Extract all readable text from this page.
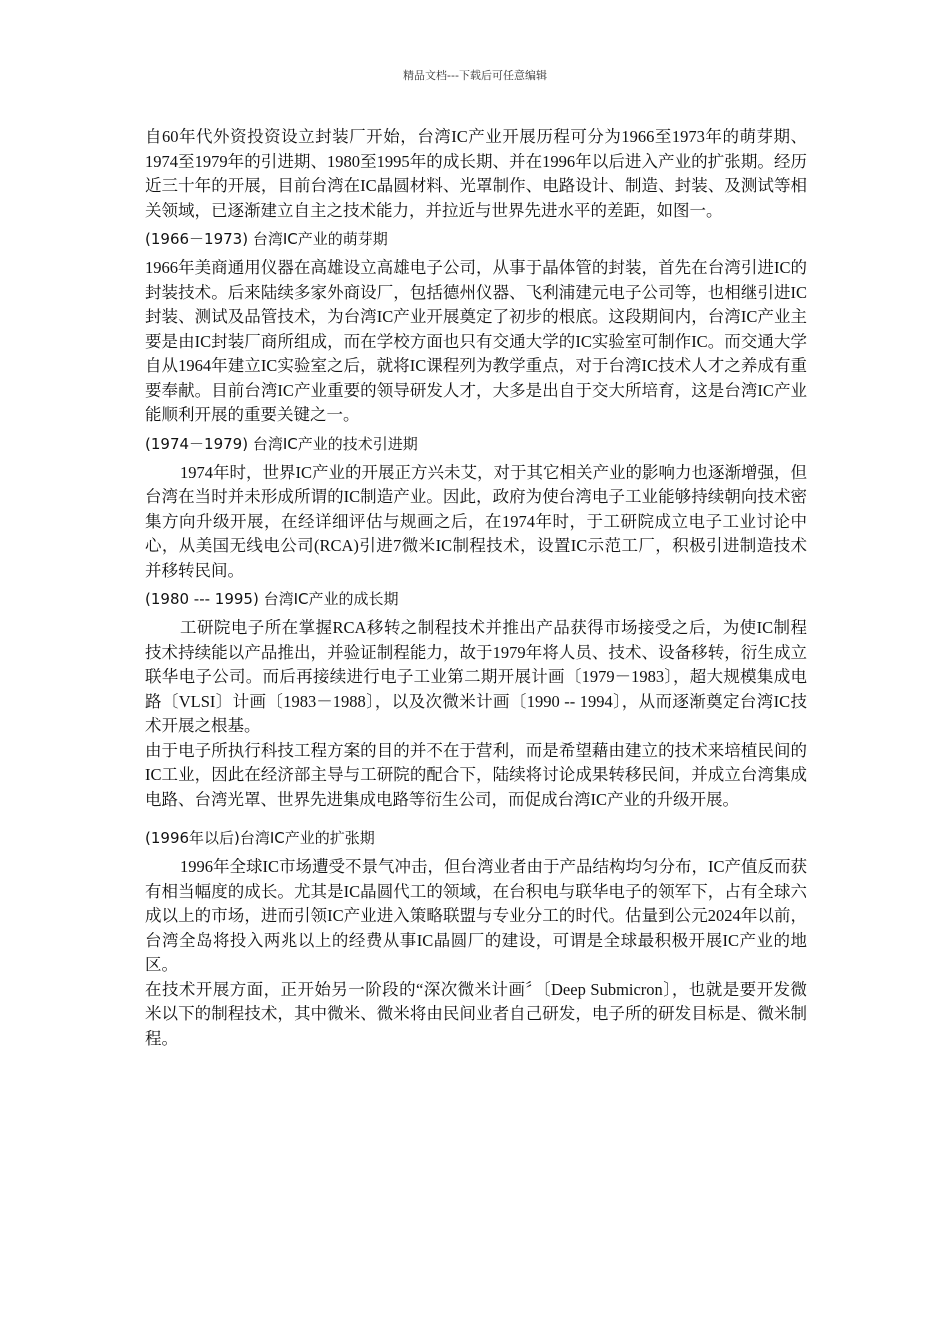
精品文档---下载后可任意编辑

自60年代外资投资设立封装厂开始，台湾IC产业开展历程可分为1966至1973年的萌芽期、1974至1979年的引进期、1980至1995年的成长期、并在1996年以后进入产业的扩张期。经历近三十年的开展，目前台湾在IC晶圆材料、光罩制作、电路设计、制造、封装、及测试等相关领域，已逐渐建立自主之技术能力，并拉近与世界先进水平的差距，如图一。

(1966－1973) 台湾IC产业的萌芽期

1966年美商通用仪器在高雄设立高雄电子公司，从事于晶体管的封装，首先在台湾引进IC的封装技术。后来陆续多家外商设厂，包括德州仪器、飞利浦建元电子公司等，也相继引进IC封装、测试及品管技术，为台湾IC产业开展奠定了初步的根底。这段期间内，台湾IC产业主要是由IC封装厂商所组成，而在学校方面也只有交通大学的IC实验室可制作IC。而交通大学自从1964年建立IC实验室之后，就将IC课程列为教学重点，对于台湾IC技术人才之养成有重要奉献。目前台湾IC产业重要的领导研发人才，大多是出自于交大所培育，这是台湾IC产业能顺利开展的重要关键之一。

(1974－1979) 台湾IC产业的技术引进期

1974年时，世界IC产业的开展正方兴未艾，对于其它相关产业的影响力也逐渐增强，但台湾在当时并未形成所谓的IC制造产业。因此，政府为使台湾电子工业能够持续朝向技术密集方向升级开展，在经详细评估与规画之后，在1974年时，于工研院成立电子工业讨论中心，从美国无线电公司(RCA)引进7微米IC制程技术，设置IC示范工厂，积极引进制造技术并移转民间。

(1980 --- 1995) 台湾IC产业的成长期

工研院电子所在掌握RCA移转之制程技术并推出产品获得市场接受之后，为使IC制程技术持续能以产品推出，并验证制程能力，故于1979年将人员、技术、设备移转，衍生成立联华电子公司。而后再接续进行电子工业第二期开展计画〔1979－1983〕，超大规模集成电路〔VLSI〕计画〔1983－1988〕，以及次微米计画〔1990 -- 1994〕，从而逐渐奠定台湾IC技术开展之根基。

由于电子所执行科技工程方案的目的并不在于营利，而是希望藉由建立的技术来培植民间的IC工业，因此在经济部主导与工研院的配合下，陆续将讨论成果转移民间，并成立台湾集成电路、台湾光罩、世界先进集成电路等衍生公司，而促成台湾IC产业的升级开展。

(1996年以后)台湾IC产业的扩张期

1996年全球IC市场遭受不景气冲击，但台湾业者由于产品结构均匀分布，IC产值反而获有相当幅度的成长。尤其是IC晶圆代工的领域，在台积电与联华电子的领军下，占有全球六成以上的市场，进而引领IC产业进入策略联盟与专业分工的时代。估量到公元2024年以前，台湾全岛将投入两兆以上的经费从事IC晶圆厂的建设，可谓是全球最积极开展IC产业的地区。

在技术开展方面，正开始另一阶段的“深次微米计画〞〔Deep Submicron〕，也就是要开发微米以下的制程技术，其中微米、微米将由民间业者自己研发，电子所的研发目标是、微米制程。
